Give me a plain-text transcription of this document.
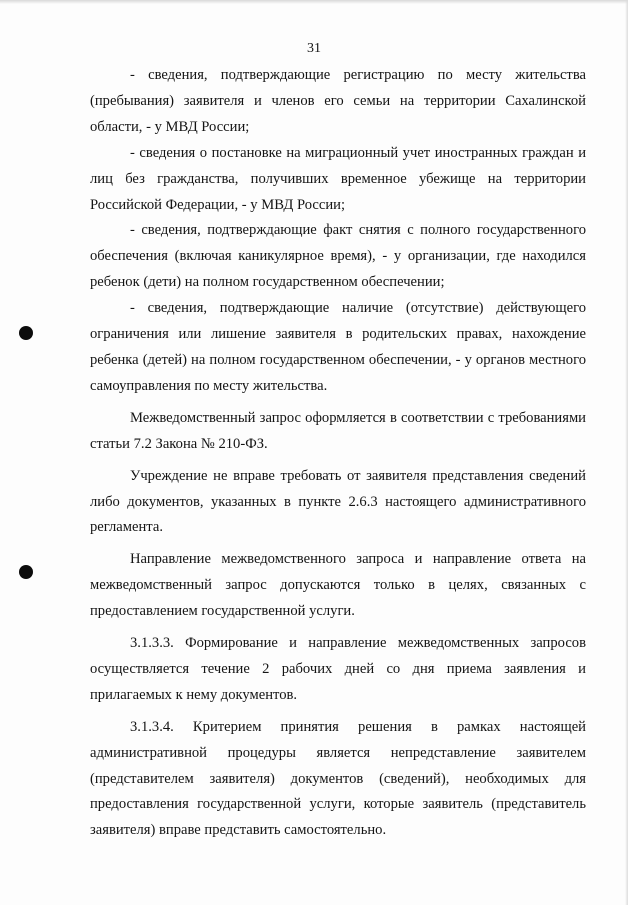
31

- сведения, подтверждающие регистрацию по месту жительства (пребывания) заявителя и членов его семьи на территории Сахалинской области, - у МВД России;

- сведения о постановке на миграционный учет иностранных граждан и лиц без гражданства, получивших временное убежище на территории Российской Федерации, - у МВД России;

- сведения, подтверждающие факт снятия с полного государственного обеспечения (включая каникулярное время), - у организации, где находился ребенок (дети) на полном государственном обеспечении;

- сведения, подтверждающие наличие (отсутствие) действующего ограничения или лишение заявителя в родительских правах, нахождение ребенка (детей) на полном государственном обеспечении, - у органов местного самоуправления по месту жительства.

Межведомственный запрос оформляется в соответствии с требованиями статьи 7.2 Закона № 210-ФЗ.

Учреждение не вправе требовать от заявителя представления сведений либо документов, указанных в пункте 2.6.3 настоящего административного регламента.

Направление межведомственного запроса и направление ответа на межведомственный запрос допускаются только в целях, связанных с предоставлением государственной услуги.

3.1.3.3. Формирование и направление межведомственных запросов осуществляется течение 2 рабочих дней со дня приема заявления и прилагаемых к нему документов.

3.1.3.4. Критерием принятия решения в рамках настоящей административной процедуры является непредставление заявителем (представителем заявителя) документов (сведений), необходимых для предоставления государственной услуги, которые заявитель (представитель заявителя) вправе представить самостоятельно.
